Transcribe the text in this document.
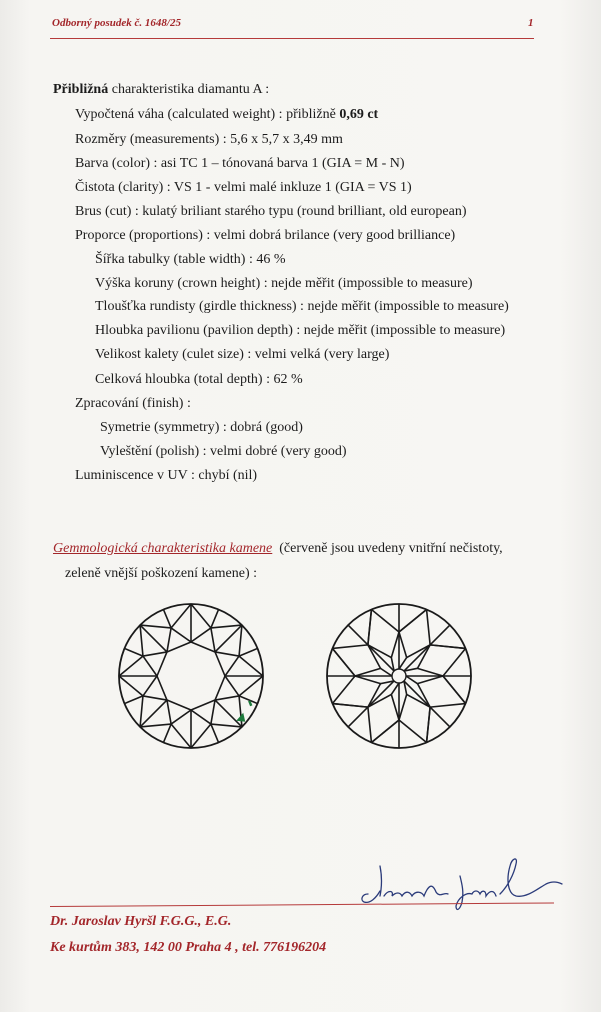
Odborný posudek č. 1648/25	1
Přibližná charakteristika diamantu A :
Vypočtená váha (calculated weight) : přibližně 0,69 ct
Rozměry (measurements) : 5,6 x 5,7 x 3,49 mm
Barva (color) : asi TC 1 – tónovaná barva 1 (GIA = M - N)
Čistota (clarity) : VS 1 - velmi malé inkluze 1 (GIA = VS 1)
Brus (cut) : kulatý briliant starého typu (round brilliant, old european)
Proporce (proportions) : velmi dobrá brilance (very good brilliance)
Šířka tabulky (table width) : 46 %
Výška koruny (crown height) : nejde měřit (impossible to measure)
Tloušťka rundisty (girdle thickness) : nejde měřit (impossible to measure)
Hloubka pavilionu (pavilion depth) : nejde měřit (impossible to measure)
Velikost kalety (culet size) : velmi velká (very large)
Celková hloubka (total depth) : 62 %
Zpracování (finish) :
Symetrie (symmetry) : dobrá (good)
Vyleštění (polish) : velmi dobré (very good)
Luminiscence v UV : chybí (nil)
Gemmologická charakteristika kamene (červeně jsou uvedeny vnitřní nečistoty,
zeleně vnější poškození kamene) :
Dr. Jaroslav Hyršl F.G.G., E.G.
Ke kurtům 383, 142 00 Praha 4 , tel. 776196204
